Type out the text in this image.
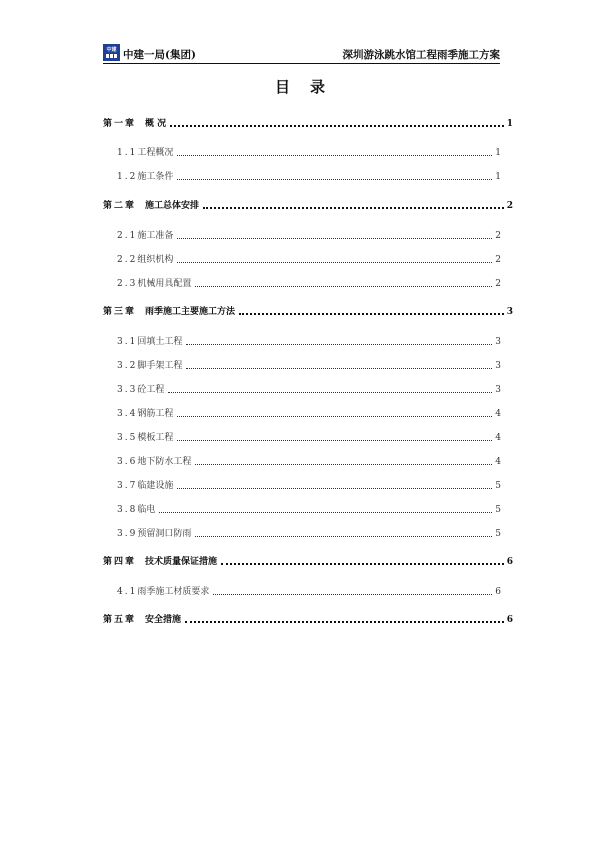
中建 中建一局(集团)	深圳游泳跳水馆工程雨季施工方案
目录
第一章  概 况	1
1.1工程概况	1
1.2施工条件	1
第二章  施工总体安排	2
2.1施工准备	2
2.2组织机构	2
2.3机械用具配置	2
第三章  雨季施工主要施工方法	3
3.1回填土工程	3
3.2脚手架工程	3
3.3砼工程	3
3.4钢筋工程	4
3.5模板工程	4
3.6地下防水工程	4
3.7临建设施	5
3.8临电	5
3.9预留洞口防雨	5
第四章  技术质量保证措施	6
4.1雨季施工材质要求	6
第五章  安全措施	6
